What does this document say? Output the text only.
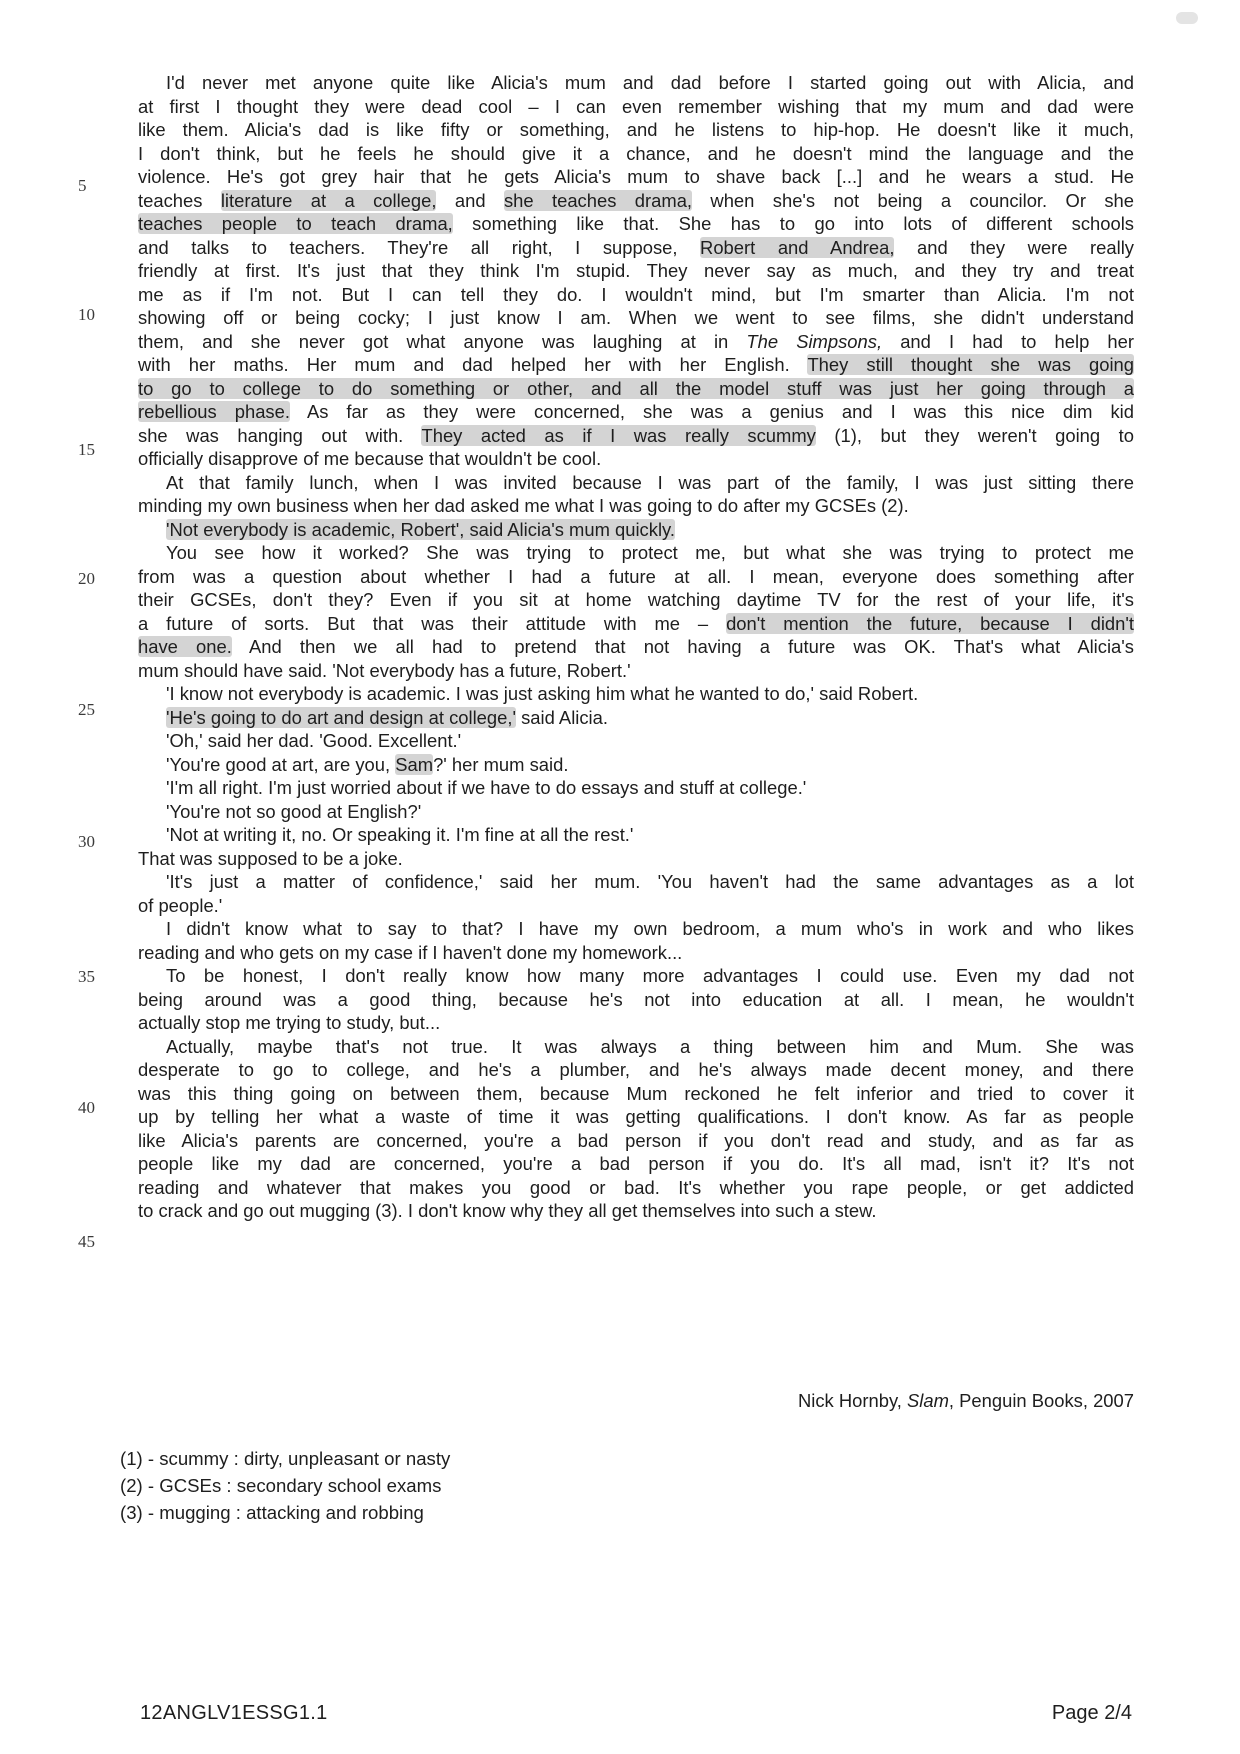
I'd never met anyone quite like Alicia's mum and dad before I started going out with Alicia, and
at first I thought they were dead cool – I can even remember wishing that my mum and dad were
like them. Alicia's dad is like fifty or something, and he listens to hip-hop. He doesn't like it much,
I don't think, but he feels he should give it a chance, and he doesn't mind the language and the
violence. He's got grey hair that he gets Alicia's mum to shave back [...] and he wears a stud. He
teaches literature at a college, and she teaches drama, when she's not being a councilor. Or she
teaches people to teach drama, something like that. She has to go into lots of different schools
and talks to teachers. They're all right, I suppose, Robert and Andrea, and they were really
friendly at first. It's just that they think I'm stupid. They never say as much, and they try and treat
me as if I'm not. But I can tell they do. I wouldn't mind, but I'm smarter than Alicia. I'm not
showing off or being cocky; I just know I am. When we went to see films, she didn't understand
them, and she never got what anyone was laughing at in The Simpsons, and I had to help her
with her maths. Her mum and dad helped her with her English. They still thought she was going
to go to college to do something or other, and all the model stuff was just her going through a
rebellious phase. As far as they were concerned, she was a genius and I was this nice dim kid
she was hanging out with. They acted as if I was really scummy (1), but they weren't going to
officially disapprove of me because that wouldn't be cool.
At that family lunch, when I was invited because I was part of the family, I was just sitting there
minding my own business when her dad asked me what I was going to do after my GCSEs (2).
'Not everybody is academic, Robert', said Alicia's mum quickly.
You see how it worked? She was trying to protect me, but what she was trying to protect me
from was a question about whether I had a future at all. I mean, everyone does something after
their GCSEs, don't they? Even if you sit at home watching daytime TV for the rest of your life, it's
a future of sorts. But that was their attitude with me – don't mention the future, because I didn't
have one. And then we all had to pretend that not having a future was OK. That's what Alicia's
mum should have said. 'Not everybody has a future, Robert.'
'I know not everybody is academic. I was just asking him what he wanted to do,' said Robert.
'He's going to do art and design at college,' said Alicia.
'Oh,' said her dad. 'Good. Excellent.'
'You're good at art, are you, Sam?' her mum said.
'I'm all right. I'm just worried about if we have to do essays and stuff at college.'
'You're not so good at English?'
'Not at writing it, no. Or speaking it. I'm fine at all the rest.'
That was supposed to be a joke.
'It's just a matter of confidence,' said her mum. 'You haven't had the same advantages as a lot
of people.'
I didn't know what to say to that? I have my own bedroom, a mum who's in work and who likes
reading and who gets on my case if I haven't done my homework...
To be honest, I don't really know how many more advantages I could use. Even my dad not
being around was a good thing, because he's not into education at all. I mean, he wouldn't
actually stop me trying to study, but...
Actually, maybe that's not true. It was always a thing between him and Mum. She was
desperate to go to college, and he's a plumber, and he's always made decent money, and there
was this thing going on between them, because Mum reckoned he felt inferior and tried to cover it
up by telling her what a waste of time it was getting qualifications. I don't know. As far as people
like Alicia's parents are concerned, you're a bad person if you don't read and study, and as far as
people like my dad are concerned, you're a bad person if you do. It's all mad, isn't it? It's not
reading and whatever that makes you good or bad. It's whether you rape people, or get addicted
to crack and go out mugging (3). I don't know why they all get themselves into such a stew.
5
10
15
20
25
30
35
40
45
Nick Hornby, Slam, Penguin Books, 2007
(1) - scummy : dirty, unpleasant or nasty
(2) - GCSEs : secondary school exams
(3) - mugging : attacking and robbing
12ANGLV1ESSG1.1	Page 2/4
